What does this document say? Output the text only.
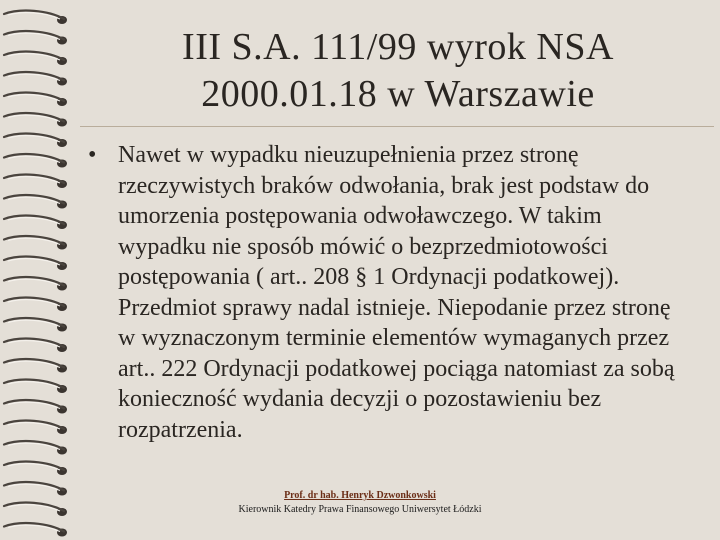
III S.A. 111/99 wyrok NSA
2000.01.18 w Warszawie
• Nawet w wypadku nieuzupełnienia przez stronę rzeczywistych braków odwołania, brak jest podstaw do umorzenia postępowania odwoławczego. W takim wypadku nie sposób mówić o bezprzedmiotowości postępowania ( art.. 208 § 1 Ordynacji podatkowej). Przedmiot sprawy nadal istnieje. Niepodanie przez stronę w wyznaczonym terminie elementów wymaganych przez art.. 222 Ordynacji podatkowej pociąga natomiast za sobą konieczność wydania decyzji o pozostawieniu bez rozpatrzenia.
Prof. dr hab. Henryk Dzwonkowski
Kierownik Katedry Prawa Finansowego Uniwersytet Łódzki
